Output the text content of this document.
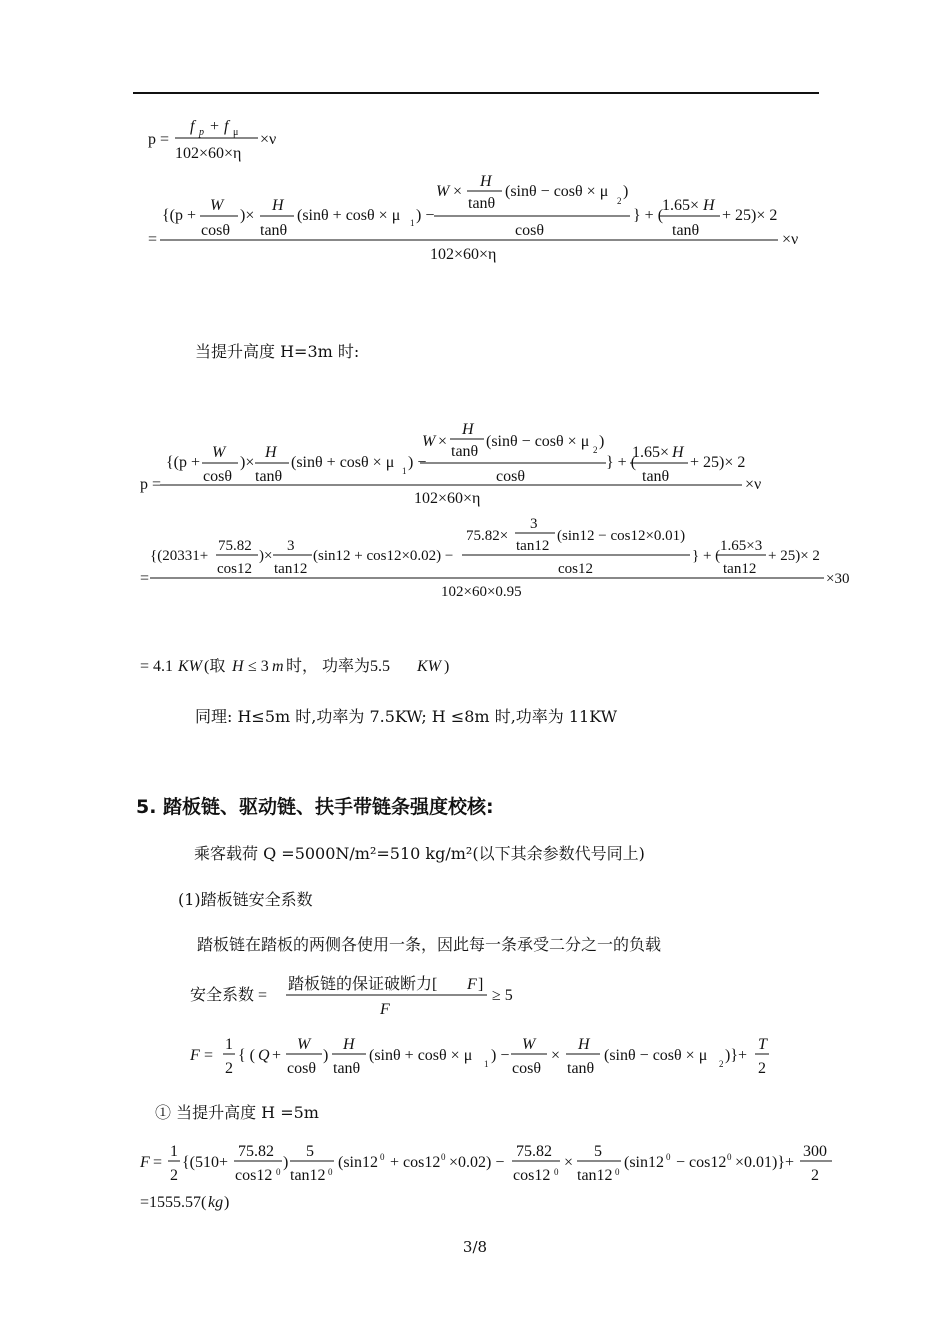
p =
f p + f μ
102×60×η
×ν
=
{(p +
W
cosθ
)×
H
tanθ
(sinθ + cosθ × μ 1 ) −
W ×
H
tanθ
(sinθ − cosθ × μ
2
)
cosθ
} + (
1.65× H
tanθ
+ 25)× 2
102×60×η
×ν
p =
{(p +
W
cosθ
)×
H
tanθ
(sinθ + cosθ × μ 1 ) −
W ×
H
tanθ
(sinθ − cosθ × μ 2 )
cosθ
} + (
1.65× H
tanθ
+ 25)× 2
102×60×η
×ν
=
{(20331+
75.82
cos12
)×
3
tan12
(sin12 + cos12×0.02) −
75.82×
3
tan12
(sin12 − cos12×0.01)
cos12
} + (
1.65×3
tan12
+ 25)× 2
102×60×0.95
×30
= 4.1 KW (取 H ≤ 3 m 时， 功率为5.5 KW )
安全系数 =
踏板链的保证破断力[ F ]
F
≥ 5
F =
1
2
{ ( Q +
W
cosθ
)
H
tanθ
(sinθ + cosθ × μ 1 ) −
W
cosθ
×
H
tanθ
(sinθ − cosθ × μ 2 )}+
T
2
F =
1
2
{(510+
75.82
cos12 0
)
5
tan12 0
(sin12 0 + cos12 0 ×0.02) −
75.82
cos12 0
×
5
tan12 0
(sin12 0 − cos12 0 ×0.01)}+
300
2
=1555.57( kg )
当提升高度 H=3m 时:
同理: H≤5m 时,功率为 7.5KW; H ≤8m 时,功率为 11KW
5. 踏板链、驱动链、扶手带链条强度校核:
乘客载荷 Q =5000N/m²=510 kg/m²(以下其余参数代号同上)
(1)踏板链安全系数
踏板链在踏板的两侧各使用一条，因此每一条承受二分之一的负载
① 当提升高度 H =5m
3/8
